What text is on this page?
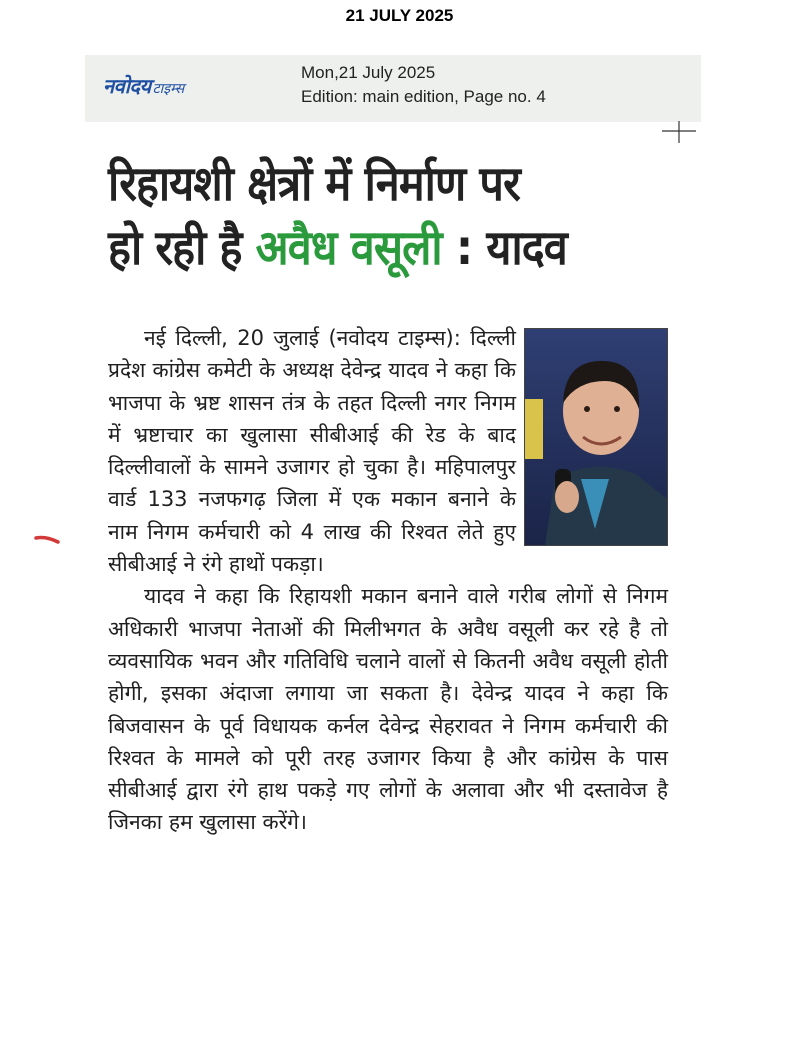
21 JULY 2025
नवोदय टाइम्स
Mon,21 July 2025
Edition: main edition, Page no. 4
रिहायशी क्षेत्रों में निर्माण पर
हो रही है अवैध वसूली : यादव

नई दिल्ली, 20 जुलाई (नवोदय टाइम्स): दिल्ली प्रदेश कांग्रेस कमेटी के अध्यक्ष देवेन्द्र यादव ने कहा कि भाजपा के भ्रष्ट शासन तंत्र के तहत दिल्ली नगर निगम में भ्रष्टाचार का खुलासा सीबीआई की रेड के बाद दिल्लीवालों के सामने उजागर हो चुका है। महिपालपुर वार्ड 133 नजफगढ़ जिला में एक मकान बनाने के नाम निगम कर्मचारी को 4 लाख की रिश्वत लेते हुए सीबीआई ने रंगे हाथों पकड़ा।

यादव ने कहा कि रिहायशी मकान बनाने वाले गरीब लोगों से निगम अधिकारी भाजपा नेताओं की मिलीभगत के अवैध वसूली कर रहे है तो व्यवसायिक भवन और गतिविधि चलाने वालों से कितनी अवैध वसूली होती होगी, इसका अंदाजा लगाया जा सकता है। देवेन्द्र यादव ने कहा कि बिजवासन के पूर्व विधायक कर्नल देवेन्द्र सेहरावत ने निगम कर्मचारी की रिश्वत के मामले को पूरी तरह उजागर किया है और कांग्रेस के पास सीबीआई द्वारा रंगे हाथ पकड़े गए लोगों के अलावा और भी दस्तावेज है जिनका हम खुलासा करेंगे।
